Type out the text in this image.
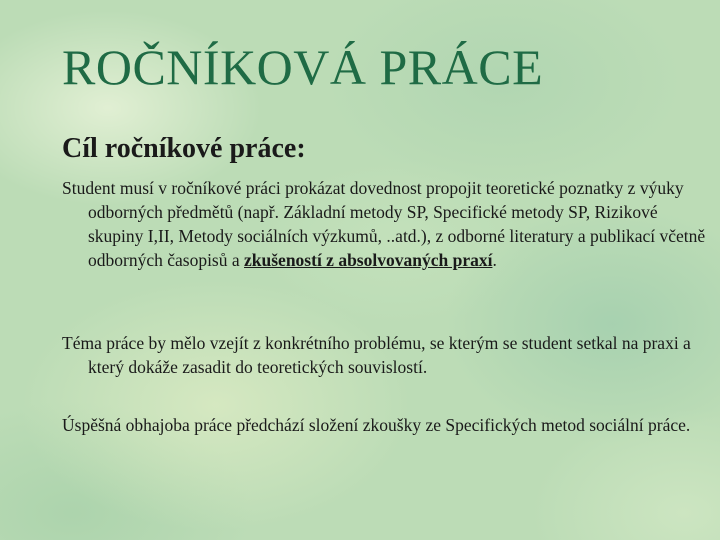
ROČNÍKOVÁ PRÁCE
Cíl ročníkové práce:

Student musí v ročníkové práci prokázat dovednost propojit teoretické poznatky z výuky odborných předmětů (např. Základní metody SP, Specifické metody SP, Rizikové skupiny I,II, Metody sociálních výzkumů, ..atd.), z odborné literatury a publikací včetně odborných časopisů a zkušeností z absolvovaných praxí.

Téma práce by mělo vzejít z konkrétního problému, se kterým se student setkal na praxi a který dokáže zasadit do teoretických souvislostí.

Úspěšná obhajoba práce předchází složení zkoušky ze Specifických metod sociální práce.
